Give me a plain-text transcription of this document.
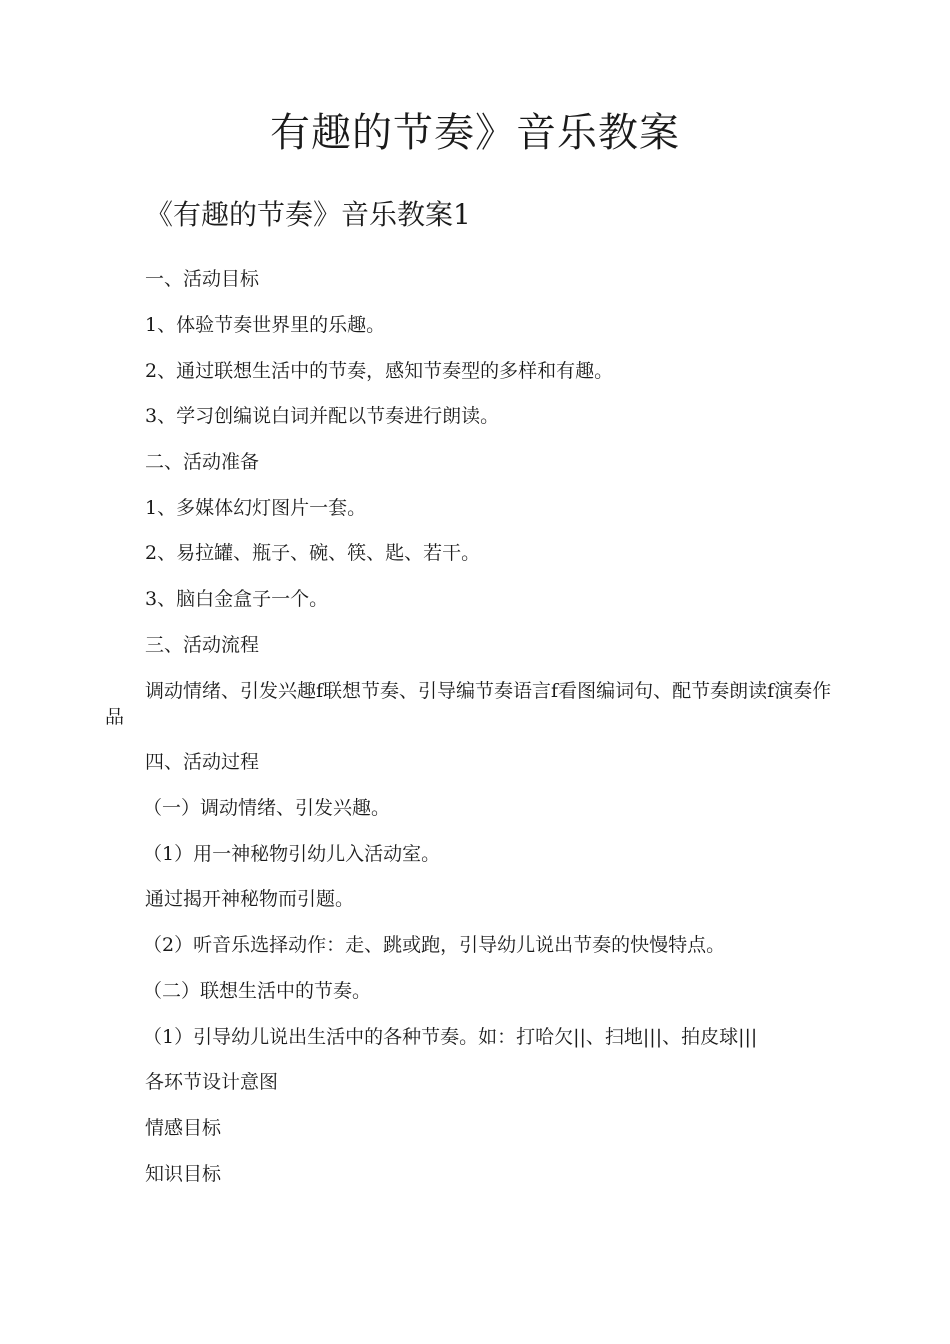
有趣的节奏》音乐教案
《有趣的节奏》音乐教案1

一、活动目标

1、体验节奏世界里的乐趣。

2、通过联想生活中的节奏，感知节奏型的多样和有趣。

3、学习创编说白词并配以节奏进行朗读。

二、活动准备

1、多媒体幻灯图片一套。

2、易拉罐、瓶子、碗、筷、匙、若干。

3、脑白金盒子一个。

三、活动流程

调动情绪、引发兴趣f联想节奏、引导编节奏语言f看图编词句、配节奏朗读f演奏作品

四、活动过程

（一）调动情绪、引发兴趣。

（1）用一神秘物引幼儿入活动室。

通过揭开神秘物而引题。

（2）听音乐选择动作：走、跳或跑，引导幼儿说出节奏的快慢特点。

（二）联想生活中的节奏。

（1）引导幼儿说出生活中的各种节奏。如：打哈欠||、扫地|||、拍皮球|||

各环节设计意图

情感目标

知识目标
